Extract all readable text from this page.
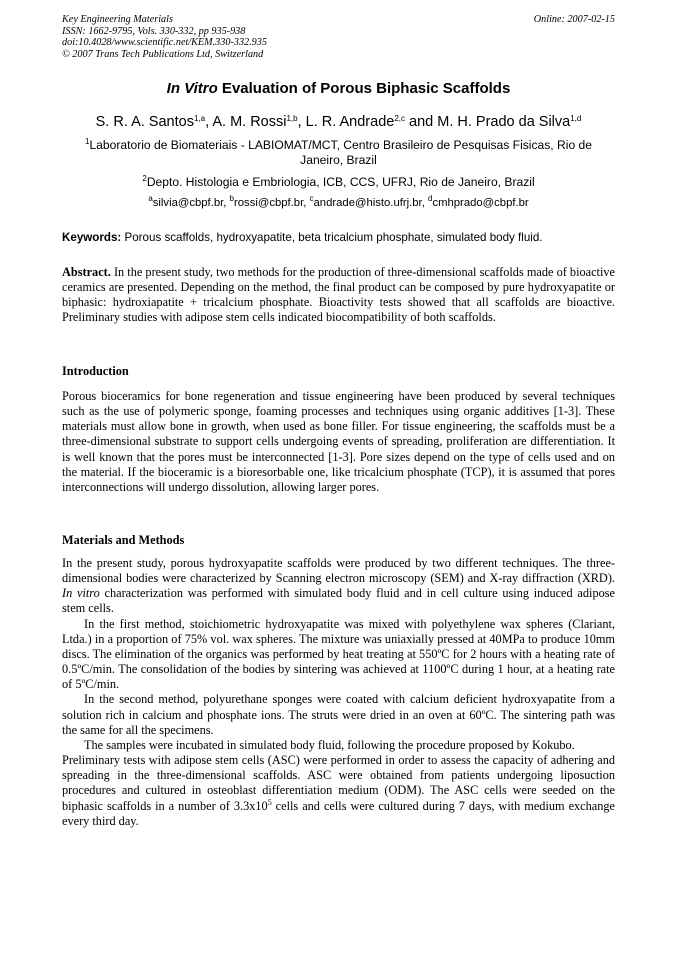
Key Engineering Materials
ISSN: 1662-9795, Vols. 330-332, pp 935-938
doi:10.4028/www.scientific.net/KEM.330-332.935
© 2007 Trans Tech Publications Ltd, Switzerland
Online: 2007-02-15
In Vitro Evaluation of Porous Biphasic Scaffolds
S. R. A. Santos$^{1,a}$, A. M. Rossi$^{1,b}$, L. R. Andrade$^{2,c}$ and M. H. Prado da Silva$^{1,d}$
$^1$Laboratorio de Biomateriais - LABIOMAT/MCT, Centro Brasileiro de Pesquisas Fisicas, Rio de Janeiro, Brazil
$^2$Depto. Histologia e Embriologia, ICB, CCS, UFRJ, Rio de Janeiro, Brazil
$^a$silvia@cbpf.br, $^b$rossi@cbpf.br, $^c$andrade@histo.ufrj.br, $^d$cmhprado@cbpf.br
Keywords: Porous scaffolds, hydroxyapatite, beta tricalcium phosphate, simulated body fluid.
Abstract. In the present study, two methods for the production of three-dimensional scaffolds made of bioactive ceramics are presented. Depending on the method, the final product can be composed by pure hydroxyapatite or biphasic: hydroxiapatite + tricalcium phosphate. Bioactivity tests showed that all scaffolds are bioactive. Preliminary studies with adipose stem cells indicated biocompatibility of both scaffolds.
Introduction
Porous bioceramics for bone regeneration and tissue engineering have been produced by several techniques such as the use of polymeric sponge, foaming processes and techniques using organic additives [1-3]. These materials must allow bone in growth, when used as bone filler. For tissue engineering, the scaffolds must be a three-dimensional substrate to support cells undergoing events of spreading, proliferation are differentiation. It is well known that the pores must be interconnected [1-3]. Pore sizes depend on the type of cells used and on the material. If the bioceramic is a bioresorbable one, like tricalcium phosphate (TCP), it is assumed that pores interconnections will undergo dissolution, allowing larger pores.
Materials and Methods

In the present study, porous hydroxyapatite scaffolds were produced by two different techniques. The three-dimensional bodies were characterized by Scanning electron microscopy (SEM) and X-ray diffraction (XRD). In vitro characterization was performed with simulated body fluid and in cell culture using induced adipose stem cells.

In the first method, stoichiometric hydroxyapatite was mixed with polyethylene wax spheres (Clariant, Ltda.) in a proportion of 75% vol. wax spheres. The mixture was uniaxially pressed at 40MPa to produce 10mm discs. The elimination of the organics was performed by heat treating at 550ºC for 2 hours with a heating rate of 0.5ºC/min. The consolidation of the bodies by sintering was achieved at 1100ºC during 1 hour, at a heating rate of 5ºC/min.

In the second method, polyurethane sponges were coated with calcium deficient hydroxyapatite from a solution rich in calcium and phosphate ions. The struts were dried in an oven at 60ºC. The sintering path was the same for all the specimens.

The samples were incubated in simulated body fluid, following the procedure proposed by Kokubo.

Preliminary tests with adipose stem cells (ASC) were performed in order to assess the capacity of adhering and spreading in the three-dimensional scaffolds. ASC were obtained from patients undergoing liposuction procedures and cultured in osteoblast differentiation medium (ODM). The ASC cells were seeded on the biphasic scaffolds in a number of $3.3x10^5$ cells and cells were cultured during 7 days, with medium exchange every third day.
